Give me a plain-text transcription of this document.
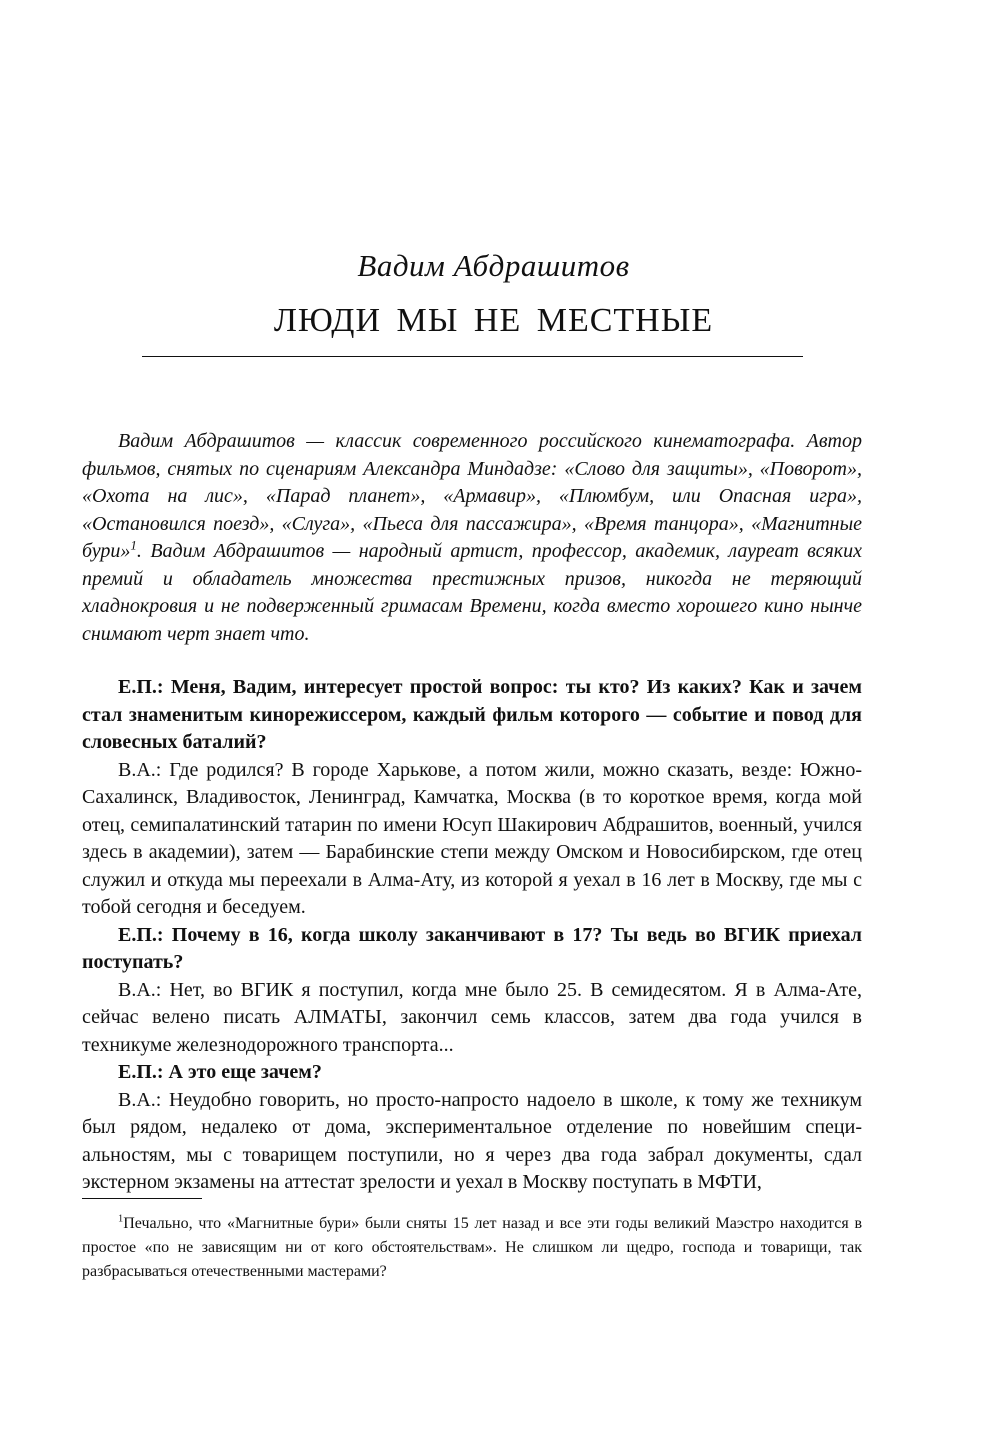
Вадим Абдрашитов
ЛЮДИ МЫ НЕ МЕСТНЫЕ

Вадим Абдрашитов — классик современного российского кинематографа. Автор фильмов, снятых по сценариям Александра Миндадзе: «Слово для защиты», «Поворот», «Охота на лис», «Парад планет», «Армавир», «Плюмбум, или Опасная игра», «Остановился поезд», «Слуга», «Пьеса для пассажира», «Время танцора», «Магнитные бури»$^1$. Вадим Абдрашитов — народный артист, профессор, академик, лауреат всяких премий и обладатель множества престижных призов, никогда не теряющий хладнокровия и не подверженный гримасам Времени, когда вместо хорошего кино нынче снимают черт знает что.

Е.П.: Меня, Вадим, интересует простой вопрос: ты кто? Из каких? Как и зачем стал знаменитым кинорежиссером, каждый фильм которого — событие и повод для словесных баталий?

В.А.: Где родился? В городе Харькове, а потом жили, можно сказать, везде: Южно-Сахалинск, Владивосток, Ленинград, Камчатка, Москва (в то короткое время, когда мой отец, семипалатинский татарин по имени Юсуп Шакирович Абдрашитов, военный, учился здесь в академии), затем — Барабинские степи между Омском и Новосибирском, где отец служил и откуда мы переехали в Алма-Ату, из которой я уехал в 16 лет в Москву, где мы с тобой сегодня и беседуем.

Е.П.: Почему в 16, когда школу заканчивают в 17? Ты ведь во ВГИК приехал поступать?

В.А.: Нет, во ВГИК я поступил, когда мне было 25. В семидесятом. Я в Алма-Ате, сейчас велено писать АЛМАТЫ, закончил семь классов, затем два года учился в техникуме железнодорожного транспорта...

Е.П.: А это еще зачем?

В.А.: Неудобно говорить, но просто-напросто надоело в школе, к тому же техникум был рядом, недалеко от дома, экспериментальное отделение по новейшим специальностям, мы с товарищем поступили, но я через два года забрал документы, сдал экстерном экзамены на аттестат зрелости и уехал в Москву поступать в МФТИ,

$^1$Печально, что «Магнитные бури» были сняты 15 лет назад и все эти годы великий Маэстро находится в простое «по не зависящим ни от кого обстоятельствам». Не слишком ли щедро, господа и товарищи, так разбрасываться отечественными мастерами?
